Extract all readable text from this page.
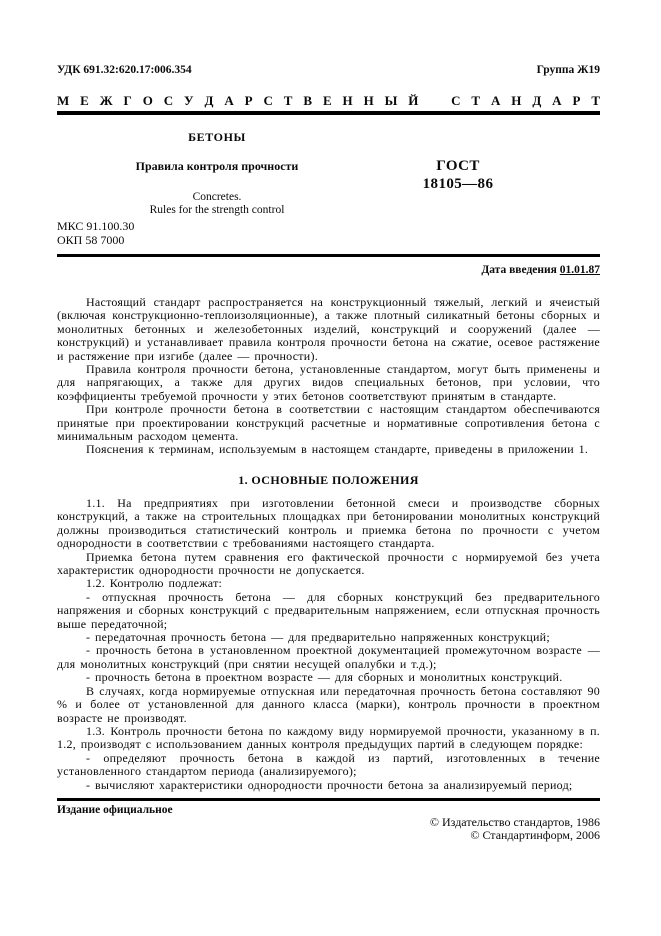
УДК 691.32:620.17:006.354	Группа Ж19
М Е Ж Г О С У Д А Р С Т В Е Н Н Ы Й   С Т А Н Д А Р Т
БЕТОНЫ
Правила контроля прочности
Concretes.
Rules for the strength control
ГОСТ
18105—86
МКС 91.100.30
ОКП 58 7000
Дата введения 01.01.87

Настоящий стандарт распространяется на конструкционный тяжелый, легкий и ячеистый (включая конструкционно-теплоизоляционные), а также плотный силикатный бетоны сборных и монолитных бетонных и железобетонных изделий, конструкций и сооружений (далее — конструкций) и устанавливает правила контроля прочности бетона на сжатие, осевое растяжение и растяжение при изгибе (далее — прочности).

Правила контроля прочности бетона, установленные стандартом, могут быть применены и для напрягающих, а также для других видов специальных бетонов, при условии, что коэффициенты требуемой прочности у этих бетонов соответствуют принятым в стандарте.

При контроле прочности бетона в соответствии с настоящим стандартом обеспечиваются принятые при проектировании конструкций расчетные и нормативные сопротивления бетона с минимальным расходом цемента.

Пояснения к терминам, используемым в настоящем стандарте, приведены в приложении 1.

1. ОСНОВНЫЕ ПОЛОЖЕНИЯ

1.1. На предприятиях при изготовлении бетонной смеси и производстве сборных конструкций, а также на строительных площадках при бетонировании монолитных конструкций должны производиться статистический контроль и приемка бетона по прочности с учетом однородности в соответствии с требованиями настоящего стандарта.

Приемка бетона путем сравнения его фактической прочности с нормируемой без учета характеристик однородности прочности не допускается.

1.2. Контролю подлежат:

- отпускная прочность бетона — для сборных конструкций без предварительного напряжения и сборных конструкций с предварительным напряжением, если отпускная прочность выше передаточной;

- передаточная прочность бетона — для предварительно напряженных конструкций;

- прочность бетона в установленном проектной документацией промежуточном возрасте — для монолитных конструкций (при снятии несущей опалубки и т.д.);

- прочность бетона в проектном возрасте — для сборных и монолитных конструкций.

В случаях, когда нормируемые отпускная или передаточная прочность бетона составляют 90 % и более от установленной для данного класса (марки), контроль прочности в проектном возрасте не производят.

1.3. Контроль прочности бетона по каждому виду нормируемой прочности, указанному в п. 1.2, производят с использованием данных контроля предыдущих партий в следующем порядке:

- определяют прочность бетона в каждой из партий, изготовленных в течение установленного стандартом периода (анализируемого);

- вычисляют характеристики однородности прочности бетона за анализируемый период;

Издание официальное
© Издательство стандартов, 1986
© Стандартинформ, 2006
